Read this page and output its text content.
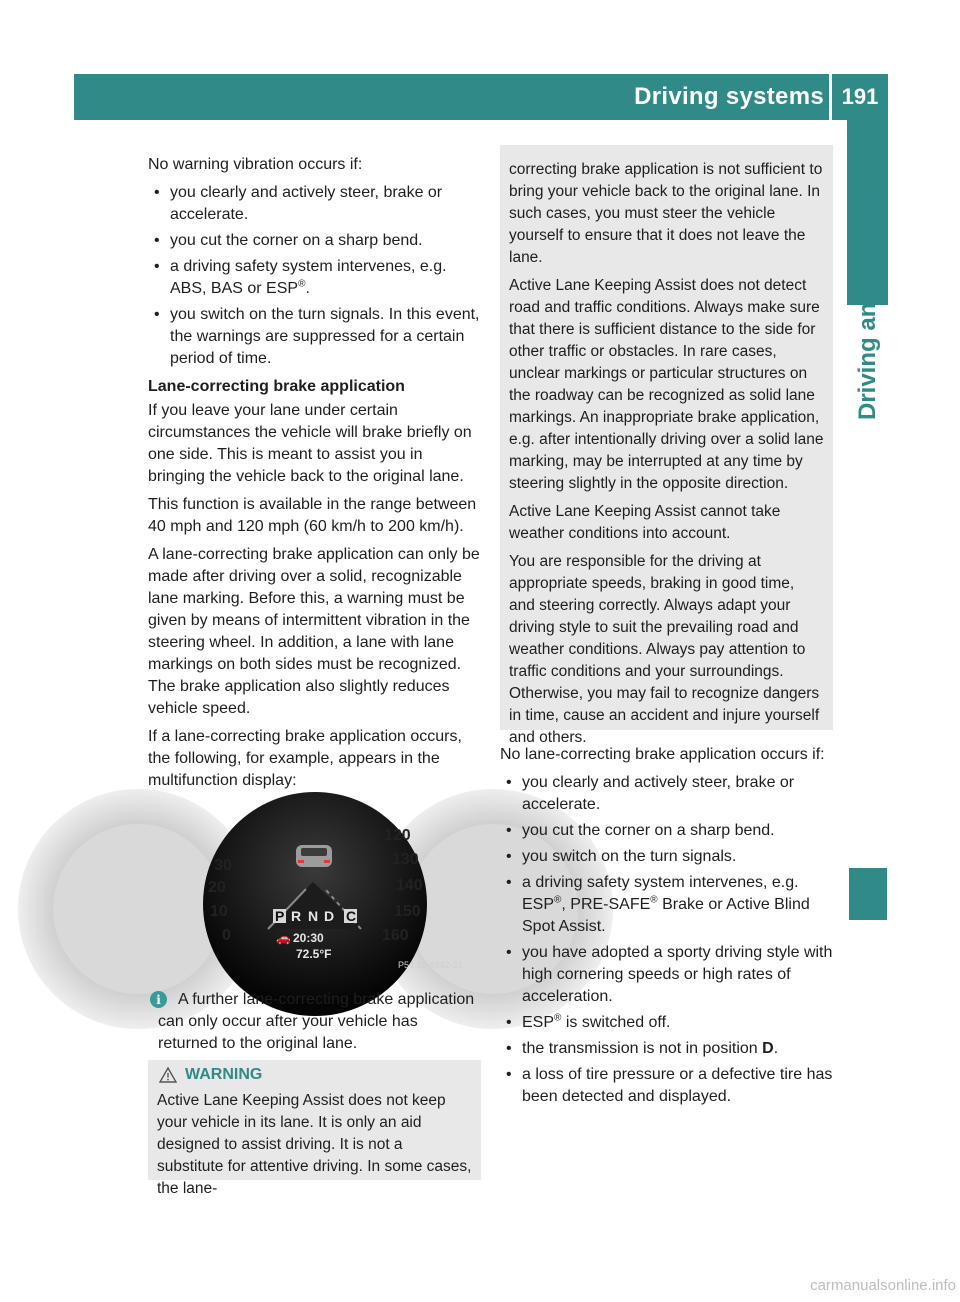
Driving systems 191
Driving and parking

No warning vibration occurs if:

• you clearly and actively steer, brake or accelerate.
• you cut the corner on a sharp bend.
• a driving safety system intervenes, e.g. ABS, BAS or ESP®.
• you switch on the turn signals. In this event, the warnings are suppressed for a certain period of time.

Lane-correcting brake application

If you leave your lane under certain circumstances the vehicle will brake briefly on one side. This is meant to assist you in bringing the vehicle back to the original lane.

This function is available in the range between 40 mph and 120 mph (60 km/h to 200 km/h).

A lane-correcting brake application can only be made after driving over a solid, recognizable lane marking. Before this, a warning must be given by means of intermittent vibration in the steering wheel. In addition, a lane with lane markings on both sides must be recognized. The brake application also slightly reduces vehicle speed.

If a lane-correcting brake application occurs, the following, for example, appears in the multifunction display:

30
20
10
0
120
130
140
150
160
P R N D C
🚗 20:30
72.5°F
P54.32-8942-31
i	A further lane-correcting brake application can only occur after your vehicle has returned to the original lane.

WARNING

Active Lane Keeping Assist does not keep your vehicle in its lane. It is only an aid designed to assist driving. It is not a substitute for attentive driving. In some cases, the lane-

correcting brake application is not sufficient to bring your vehicle back to the original lane. In such cases, you must steer the vehicle yourself to ensure that it does not leave the lane.

Active Lane Keeping Assist does not detect road and traffic conditions. Always make sure that there is sufficient distance to the side for other traffic or obstacles. In rare cases, unclear markings or particular structures on the roadway can be recognized as solid lane markings. An inappropriate brake application, e.g. after intentionally driving over a solid lane marking, may be interrupted at any time by steering slightly in the opposite direction.

Active Lane Keeping Assist cannot take weather conditions into account.

You are responsible for the driving at appropriate speeds, braking in good time, and steering correctly. Always adapt your driving style to suit the prevailing road and weather conditions. Always pay attention to traffic conditions and your surroundings. Otherwise, you may fail to recognize dangers in time, cause an accident and injure yourself and others.

No lane-correcting brake application occurs if:

• you clearly and actively steer, brake or accelerate.
• you cut the corner on a sharp bend.
• you switch on the turn signals.
• a driving safety system intervenes, e.g. ESP®, PRE-SAFE® Brake or Active Blind Spot Assist.
• you have adopted a sporty driving style with high cornering speeds or high rates of acceleration.
• ESP® is switched off.
• the transmission is not in position D.
• a loss of tire pressure or a defective tire has been detected and displayed.
carmanualsonline.info
